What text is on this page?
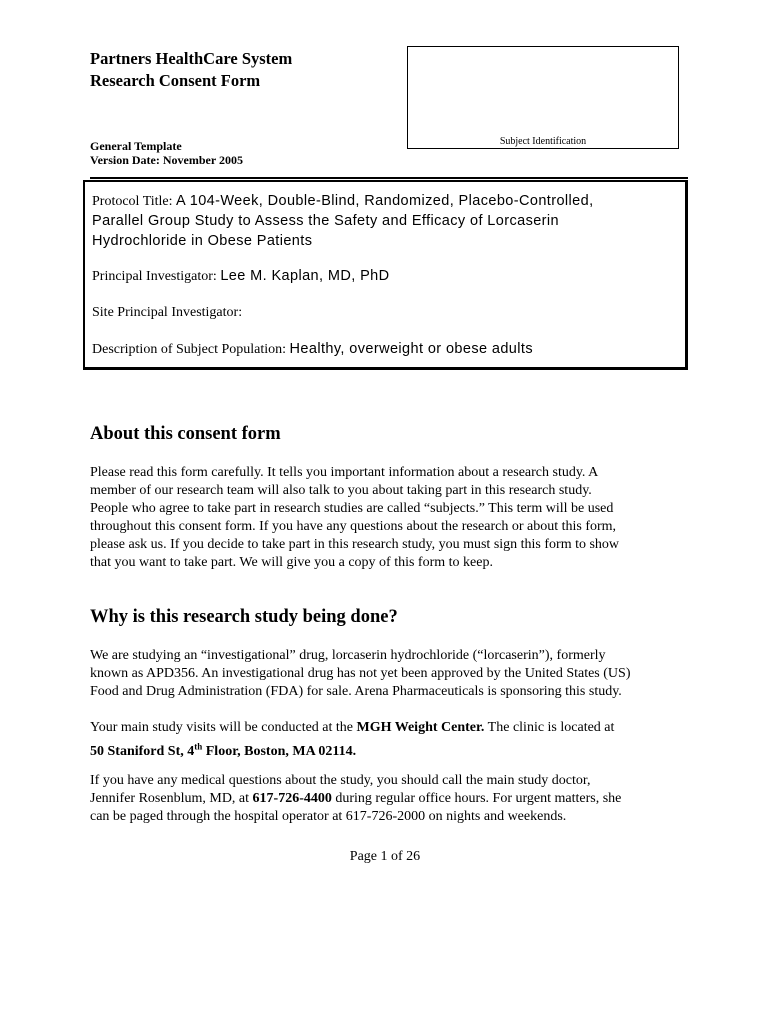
Partners HealthCare System
Research Consent Form
Subject Identification
General Template
Version Date: November 2005
Protocol Title: A 104-Week, Double-Blind, Randomized, Placebo-Controlled,
Parallel Group Study to Assess the Safety and Efficacy of Lorcaserin
Hydrochloride in Obese Patients
Principal Investigator: Lee M. Kaplan, MD, PhD
Site Principal Investigator:
Description of Subject Population: Healthy, overweight or obese adults
About this consent form

Please read this form carefully. It tells you important information about a research study. A

member of our research team will also talk to you about taking part in this research study.

People who agree to take part in research studies are called “subjects.” This term will be used

throughout this consent form. If you have any questions about the research or about this form,

please ask us. If you decide to take part in this research study, you must sign this form to show

that you want to take part. We will give you a copy of this form to keep.

Why is this research study being done?

We are studying an “investigational” drug, lorcaserin hydrochloride (“lorcaserin”), formerly

known as APD356. An investigational drug has not yet been approved by the United States (US)

Food and Drug Administration (FDA) for sale. Arena Pharmaceuticals is sponsoring this study.

Your main study visits will be conducted at the MGH Weight Center. The clinic is located at

50 Staniford St, 4th Floor, Boston, MA 02114.

If you have any medical questions about the study, you should call the main study doctor,

Jennifer Rosenblum, MD, at 617-726-4400 during regular office hours. For urgent matters, she

can be paged through the hospital operator at 617-726-2000 on nights and weekends.

Page 1 of 26
